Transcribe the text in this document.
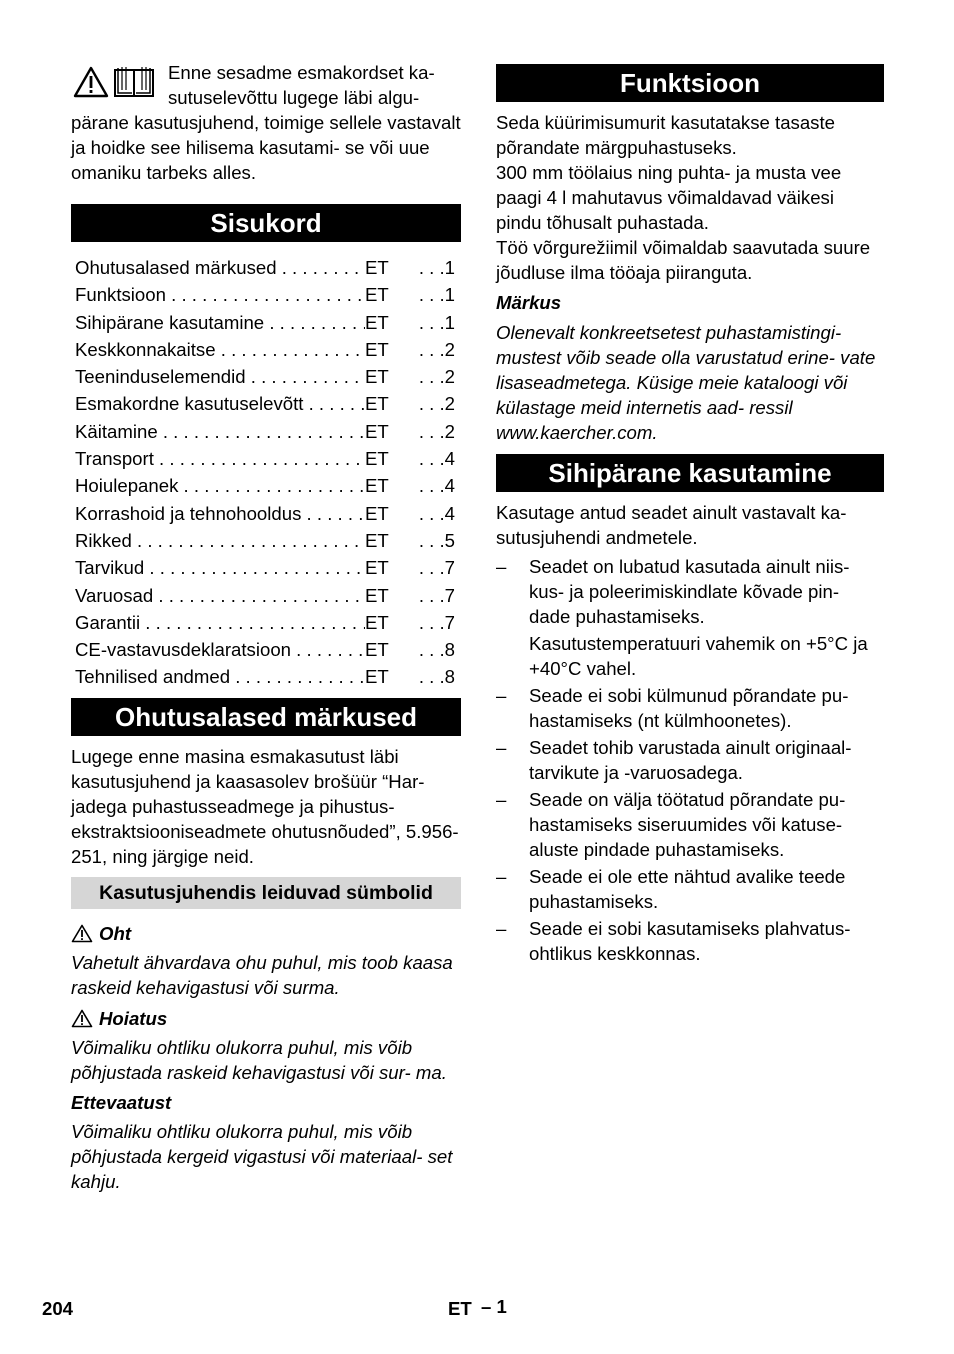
Enne sesadme esmakordset ka- sutuselevõttu lugege läbi algu-

pärane kasutusjuhend, toimige sellele vastavalt ja hoidke see hilisema kasutami- se või uue omaniku tarbeks alles.

Sisukord
Ohutusalased märkused . . .	ET	. . . 1
Funktsioon . . .	ET	. . . 1
Sihipärane kasutamine . . .	ET	. . . 1
Keskkonnakaitse . . .	ET	. . . 2
Teeninduselemendid . . .	ET	. . . 2
Esmakordne kasutuselevõtt . . .	ET	. . . 2
Käitamine . . .	ET	. . . 2
Transport . . .	ET	. . . 4
Hoiulepanek . . .	ET	. . . 4
Korrashoid ja tehnohooldus . . .	ET	. . . 4
Rikked . . .	ET	. . . 5
Tarvikud . . .	ET	. . . 7
Varuosad . . .	ET	. . . 7
Garantii . . .	ET	. . . 7
CE-vastavusdeklaratsioon . . .	ET	. . . 8
Tehnilised andmed . . .	ET	. . . 8
Ohutusalased märkused

Lugege enne masina esmakasutust läbi kasutusjuhend ja kaasasolev brošüür “Har- jadega puhastusseadmege ja pihustus- ekstraktsiooniseadmete ohutusnõuded”, 5.956-251, ning järgige neid.

Kasutusjuhendis leiduvad sümbolid
Oht

Vahetult ähvardava ohu puhul, mis toob kaasa raskeid kehavigastusi või surma.

Hoiatus

Võimaliku ohtliku olukorra puhul, mis võib põhjustada raskeid kehavigastusi või sur- ma.

Ettevaatust

Võimaliku ohtliku olukorra puhul, mis võib põhjustada kergeid vigastusi või materiaal- set kahju.

Funktsioon

Seda küürimisumurit kasutatakse tasaste põrandate märgpuhastuseks.

300 mm töölaius ning puhta- ja musta vee paagi 4 l mahutavus võimaldavad väikesi pindu tõhusalt puhastada.

Töö võrgurežiimil võimaldab saavutada suure jõudluse ilma tööaja piiranguta.

Märkus

Olenevalt konkreetsetest puhastamistingi- mustest võib seade olla varustatud erine- vate lisaseadmetega. Küsige meie kataloogi või külastage meid internetis aad- ressil www.kaercher.com.

Sihipärane kasutamine

Kasutage antud seadet ainult vastavalt ka- sutusjuhendi andmetele.

– Seadet on lubatud kasutada ainult niis- kus- ja poleerimiskindlate kõvade pin- dade puhastamiseks.

Kasutustemperatuuri vahemik on +5°C ja +40°C vahel.

– Seade ei sobi külmunud põrandate pu- hastamiseks (nt külmhoonetes).

– Seadet tohib varustada ainult originaal- tarvikute ja -varuosadega.

– Seade on välja töötatud põrandate pu- hastamiseks siseruumides või katuse- aluste pindade puhastamiseks.

– Seade ei ole ette nähtud avalike teede puhastamiseks.

– Seade ei sobi kasutamiseks plahvatus- ohtlikus keskkonnas.

204	ET – 1
